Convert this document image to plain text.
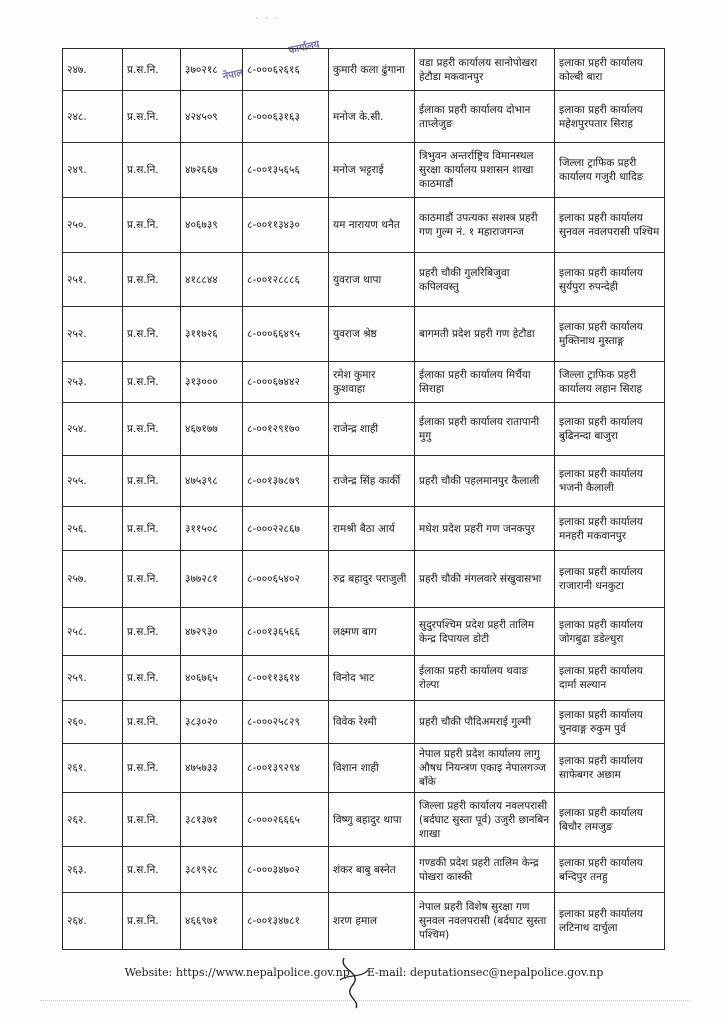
· · ·
नेपाल
कार्यालय
२४७.	प्र.स.नि.	३७०२१८	८-०००६२६१६	कुमारी कला ढुंगाना	वडा प्रहरी कार्यालय सानोपोखरा हेटौडा मकवानपुर	इलाका प्रहरी कार्यालय कोल्बी बारा
२४८.	प्र.स.नि.	४२४५०९	८-०००६३१६३	मनोज के.सी.	ईलाका प्रहरी कार्यालय दोभान ताप्लेजुङ	इलाका प्रहरी कार्यालय महेशपुरपतार सिराह
२४९.	प्र.स.नि.	४७२६६७	८-००१३५६५६	मनोज भट्टराई	त्रिभुवन अन्तर्राष्ट्रिय विमानस्थल सुरक्षा कार्यालय प्रशासन शाखा काठमाडौं	जिल्ला ट्राफिक प्रहरी कार्यालय गजुरी धादिङ
२५०.	प्र.स.नि.	४०६७३९	८-००११३४३०	यम नारायण थनैत	काठमाडौं उपत्यका सशस्त्र प्रहरी गण गुल्म नं. १ महाराजगन्ज	इलाका प्रहरी कार्यालय सुनवल नवलपरासी पश्चिम
२५१.	प्र.स.नि.	४१८८४४	८-००१२८८८६	युवराज थापा	प्रहरी चौकी गुलरिबिजुवा कपिलवस्तु	इलाका प्रहरी कार्यालय सुर्यपुरा रुपन्देही
२५२.	प्र.स.नि.	३११७२६	८-०००६६४९५	युवराज श्रेष्ठ	बागमती प्रदेश प्रहरी गण हेटौडा	इलाका प्रहरी कार्यालय मुक्तिनाथ मुस्ताङ्ग
२५३.	प्र.स.नि.	३१३०००	८-०००६७४४२	रमेश कुमार कुशवाहा	ईलाका प्रहरी कार्यालय मिर्चैया सिराहा	जिल्ला ट्राफिक प्रहरी कार्यालय लहान सिराह
२५४.	प्र.स.नि.	४६७१७७	८-००१२९१७०	राजेन्द्र शाही	ईलाका प्रहरी कार्यालय रातापानी मुगु	इलाका प्रहरी कार्यालय बुढिनन्दा बाजुरा
२५५.	प्र.स.नि.	४७५३९८	८-००१३७८७९	राजेन्द्र सिंह कार्की	प्रहरी चौकी पहलमानपुर कैलाली	इलाका प्रहरी कार्यालय भजनी कैलाली
२५६.	प्र.स.नि.	३११५०८	८-०००२२८६७	रामश्री बैठा आर्य	मधेश प्रदेश प्रहरी गण जनकपुर	इलाका प्रहरी कार्यालय मनहरी मकवानपुर
२५७.	प्र.स.नि.	३७७२८१	८-०००६५४०२	रुद्र बहादुर पराजुली	प्रहरी चौकी मंगलवारे संखुवासभा	इलाका प्रहरी कार्यालय राजारानी धनकुटा
२५८.	प्र.स.नि.	४७२९३०	८-००१३६५६६	लक्ष्मण बाग	सुदुरपश्चिम प्रदेश प्रहरी तालिम केन्द्र दिपायल डोटी	इलाका प्रहरी कार्यालय जोगबुढा डडेल्धुरा
२५९.	प्र.स.नि.	४०६७६५	८-००११३६१४	विनोद भाट	ईलाका प्रहरी कार्यालय थवाङ रोल्पा	इलाका प्रहरी कार्यालय दार्मा सल्यान
२६०.	प्र.स.नि.	३८३०२०	८-०००२५८२९	विवेक रेश्मी	प्रहरी चौकी पौदिअमराई गुल्मी	इलाका प्रहरी कार्यालय चुनवाङ्ग रुकुम पुर्व
२६१.	प्र.स.नि.	४७५७३३	८-००१३९२९४	विशान शाही	नेपाल प्रहरी प्रदेश कार्यालय लागु औषध नियन्त्रण एकाइ नेपालगञ्ज बाँके	इलाका प्रहरी कार्यालय साफेबगर अछाम
२६२.	प्र.स.नि.	३८१३७१	८-०००२६६६५	विष्णु बहादुर थापा	जिल्ला प्रहरी कार्यालय नवलपरासी (बर्दघाट सुस्ता पूर्व) उजुरी छानबिन शाखा	इलाका प्रहरी कार्यालय बिचौर लमजुङ
२६३.	प्र.स.नि.	३८१९२८	८-०००३४७०२	शंकर बाबु बस्नेत	गण्डकी प्रदेश प्रहरी तालिम केन्द्र पोखरा कास्की	इलाका प्रहरी कार्यालय बन्दिपुर तनहु
२६४.	प्र.स.नि.	४६६९७१	८-००१३४७८१	शरण हमाल	नेपाल प्रहरी विशेष सुरक्षा गण सुनवल नवलपरासी (बर्दघाट सुस्ता पश्चिम)	इलाका प्रहरी कार्यालय लटिनाथ दार्चुला
Website: https://www.nepalpolice.gov.np E-mail: deputationsec@nepalpolice.gov.np
